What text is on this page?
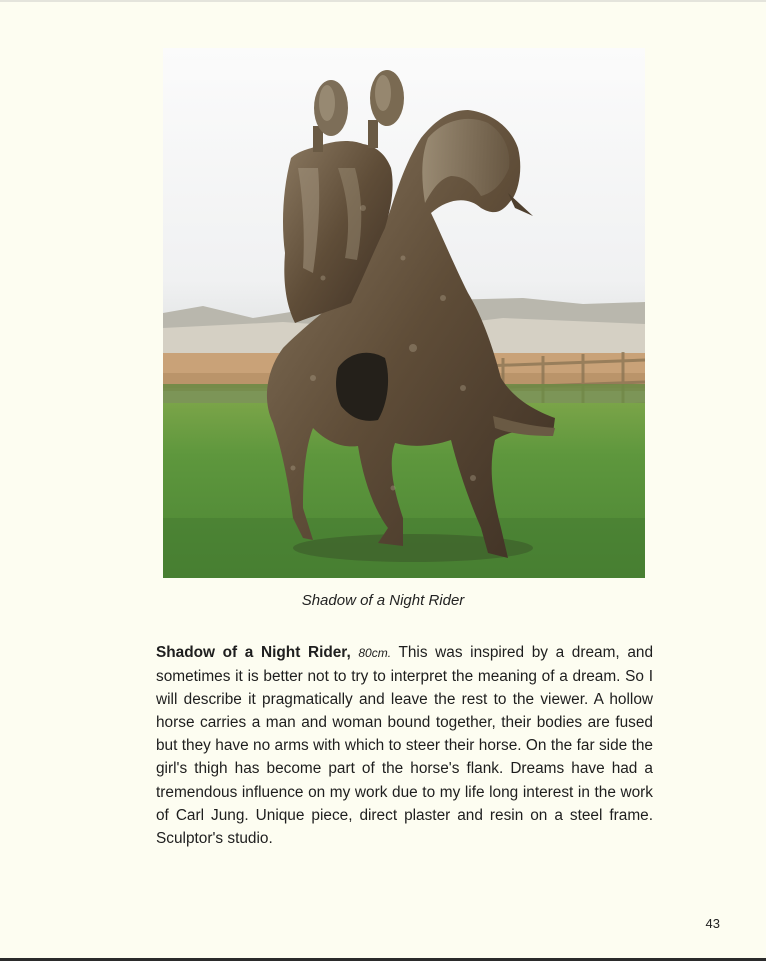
Shadow of a Night Rider
Shadow of a Night Rider, 80cm. This was inspired by a dream, and sometimes it is better not to try to interpret the meaning of a dream. So I will describe it pragmatically and leave the rest to the viewer. A hollow horse carries a man and woman bound together, their bodies are fused but they have no arms with which to steer their horse. On the far side the girl's thigh has become part of the horse's flank. Dreams have had a tremendous influence on my work due to my life long interest in the work of Carl Jung. Unique piece, direct plaster and resin on a steel frame. Sculptor's studio.
43
